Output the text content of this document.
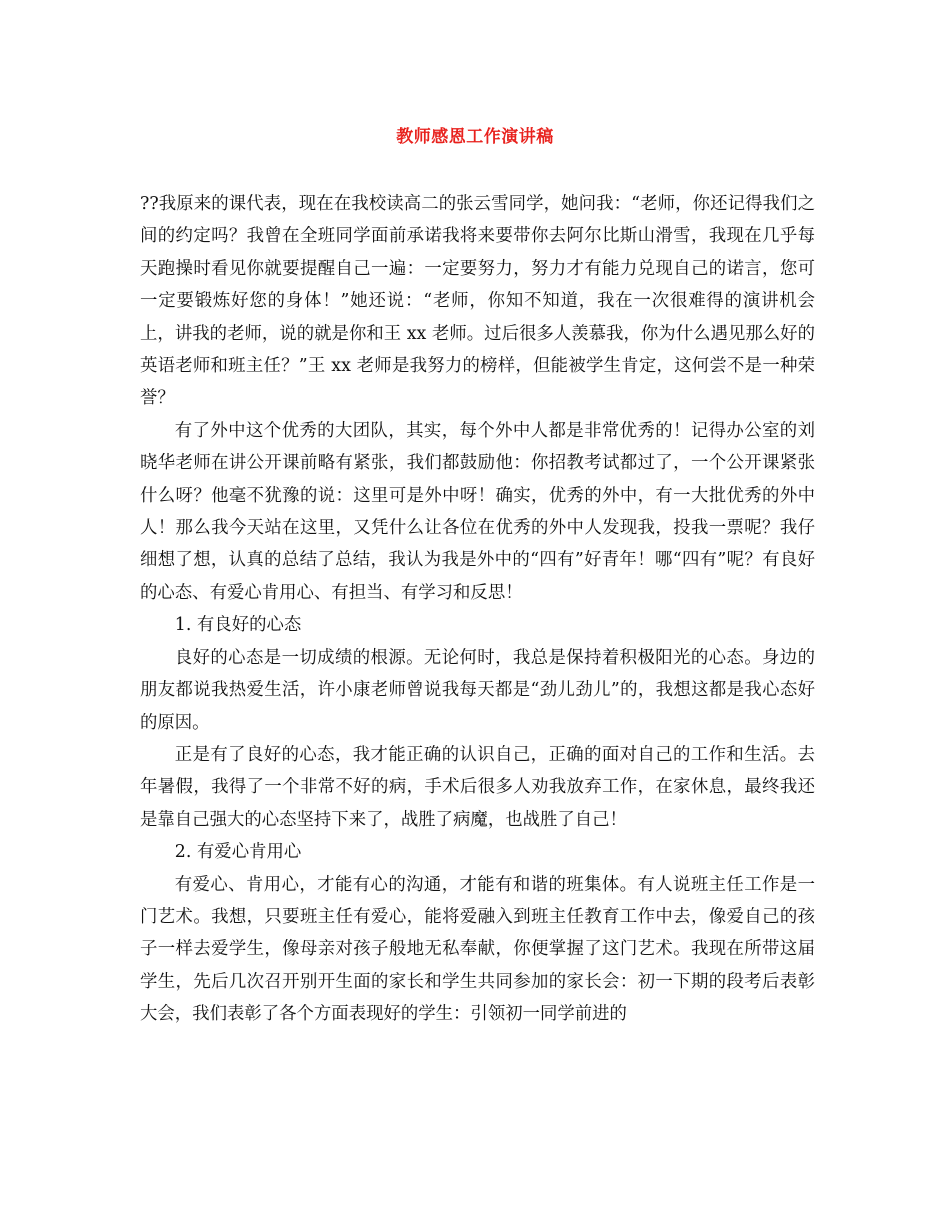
教师感恩工作演讲稿

??我原来的课代表，现在在我校读高二的张云雪同学，她问我：“老师，你还记得我们之间的约定吗？我曾在全班同学面前承诺我将来要带你去阿尔比斯山滑雪，我现在几乎每天跑操时看见你就要提醒自己一遍：一定要努力，努力才有能力兑现自己的诺言，您可一定要锻炼好您的身体！”她还说：“老师，你知不知道，我在一次很难得的演讲机会上，讲我的老师，说的就是你和王 xx 老师。过后很多人羡慕我，你为什么遇见那么好的英语老师和班主任？”王 xx 老师是我努力的榜样，但能被学生肯定，这何尝不是一种荣誉？

有了外中这个优秀的大团队，其实，每个外中人都是非常优秀的！记得办公室的刘晓华老师在讲公开课前略有紧张，我们都鼓励他：你招教考试都过了，一个公开课紧张什么呀？他毫不犹豫的说：这里可是外中呀！确实，优秀的外中，有一大批优秀的外中人！那么我今天站在这里，又凭什么让各位在优秀的外中人发现我，投我一票呢？我仔细想了想，认真的总结了总结，我认为我是外中的“四有”好青年！哪“四有”呢？有良好的心态、有爱心肯用心、有担当、有学习和反思！

1. 有良好的心态

良好的心态是一切成绩的根源。无论何时，我总是保持着积极阳光的心态。身边的朋友都说我热爱生活，许小康老师曾说我每天都是“劲儿劲儿”的，我想这都是我心态好的原因。

正是有了良好的心态，我才能正确的认识自己，正确的面对自己的工作和生活。去年暑假，我得了一个非常不好的病，手术后很多人劝我放弃工作，在家休息，最终我还是靠自己强大的心态坚持下来了，战胜了病魔，也战胜了自己！

2. 有爱心肯用心

有爱心、肯用心，才能有心的沟通，才能有和谐的班集体。有人说班主任工作是一门艺术。我想，只要班主任有爱心，能将爱融入到班主任教育工作中去，像爱自己的孩子一样去爱学生，像母亲对孩子般地无私奉献，你便掌握了这门艺术。我现在所带这届学生，先后几次召开别开生面的家长和学生共同参加的家长会：初一下期的段考后表彰大会，我们表彰了各个方面表现好的学生：引领初一同学前进的
